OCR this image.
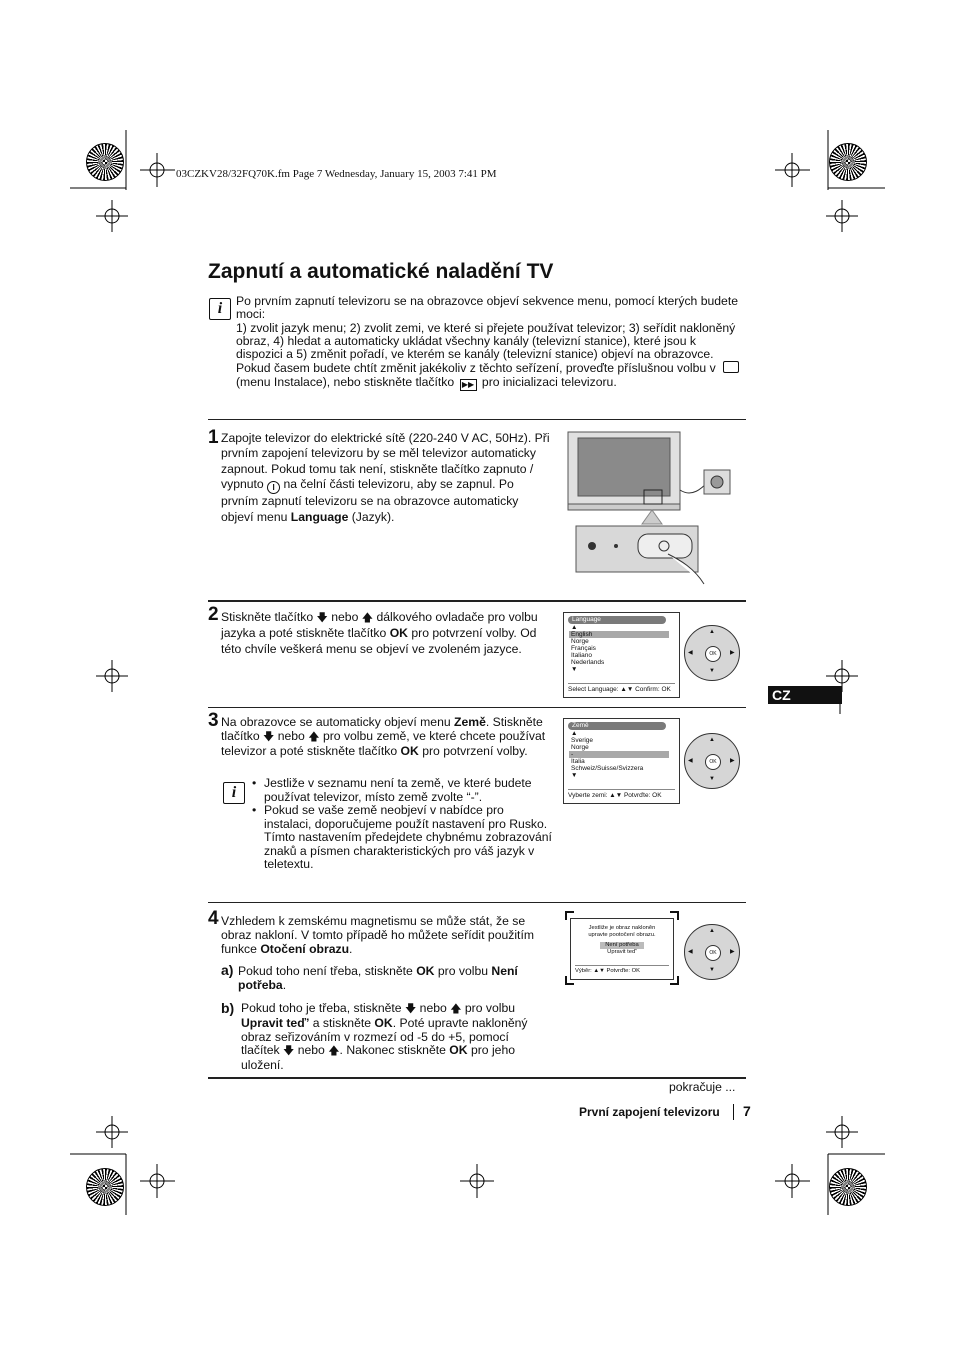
03CZKV28/32FQ70K.fm Page 7 Wednesday, January 15, 2003 7:41 PM
Zapnutí a automatické naladění TV
i	Po prvním zapnutí televizoru se na obrazovce objeví sekvence menu, pomocí kterých budete moci:
1) zvolit jazyk menu; 2) zvolit zemi, ve které si přejete používat televizor; 3) seřídit nakloněný obraz, 4) hledat a automaticky ukládat všechny kanály (televizní stanice), které jsou k dispozici a 5) změnit pořadí, ve kterém se kanály (televizní stanice) objeví na obrazovce.
Pokud časem budete chtít změnit jakékoliv z těchto seřízení, proveďte příslušnou volbu v  (menu Instalace), nebo stiskněte tlačítko ▶▶ pro inicializaci televizoru.
1 Zapojte televizor do elektrické sítě (220-240 V AC, 50Hz). Při prvním zapojení televizoru by se měl televizor automaticky zapnout. Pokud tomu tak není, stiskněte tlačítko zapnuto / vypnuto I na čelní části televizoru, aby se zapnul. Po prvním zapnutí televizoru se na obrazovce automaticky objeví menu Language (Jazyk).
2 Stiskněte tlačítko 🡇 nebo 🡅 dálkového ovladače pro volbu jazyka a poté stiskněte tlačítko OK pro potvrzení volby. Od této chvíle veškerá menu se objeví ve zvoleném jazyce.
Language
▲
English
Norge
Français
Italiano
Nederlands
▼
Select Language: ▲▼ Confirm: OK
OK
▲
▼
◀	▶
CZ
3 Na obrazovce se automaticky objeví menu Země. Stiskněte tlačítko 🡇 nebo 🡅 pro volbu země, ve které chcete používat televizor a poté stiskněte tlačítko OK pro potvrzení volby.
i
• Jestliže v seznamu není ta země, ve které budete používat televizor, místo země zvolte “-”.
• Pokud se vaše země neobjeví v nabídce pro instalaci, doporučujeme použít nastavení pro Rusko. Tímto nastavením předejdete chybnému zobrazování znaků a písmen charakteristických pro váš jazyk v teletextu.
Země
▲
Sverige
Norge
-
Italia
Schweiz/Suisse/Svizzera
▼
Vyberte zemi: ▲▼ Potvrďte: OK
OK
▲
▼
◀	▶
4 Vzhledem k zemskému magnetismu se může stát, že se obraz nakloní. V tomto případě ho můžete seřídit použitím funkce Otočení obrazu.
a) Pokud toho není třeba, stiskněte OK pro volbu Není potřeba.
b) Pokud toho je třeba, stiskněte 🡇 nebo 🡅 pro volbu Upravit teď’ a stiskněte OK. Poté upravte nakloněný obraz seřizováním v rozmezí od -5 do +5, pomocí tlačítek 🡇 nebo 🡅. Nakonec stiskněte OK pro jeho uložení.
Jestliže je obraz nakloněn
upravte pootočení obrazu.
Není potřeba
Upravit teď’
Výběr: ▲▼ Potvrďte: OK
OK
▲
▼
◀	▶
pokračuje ...
První zapojení televizoru 7
